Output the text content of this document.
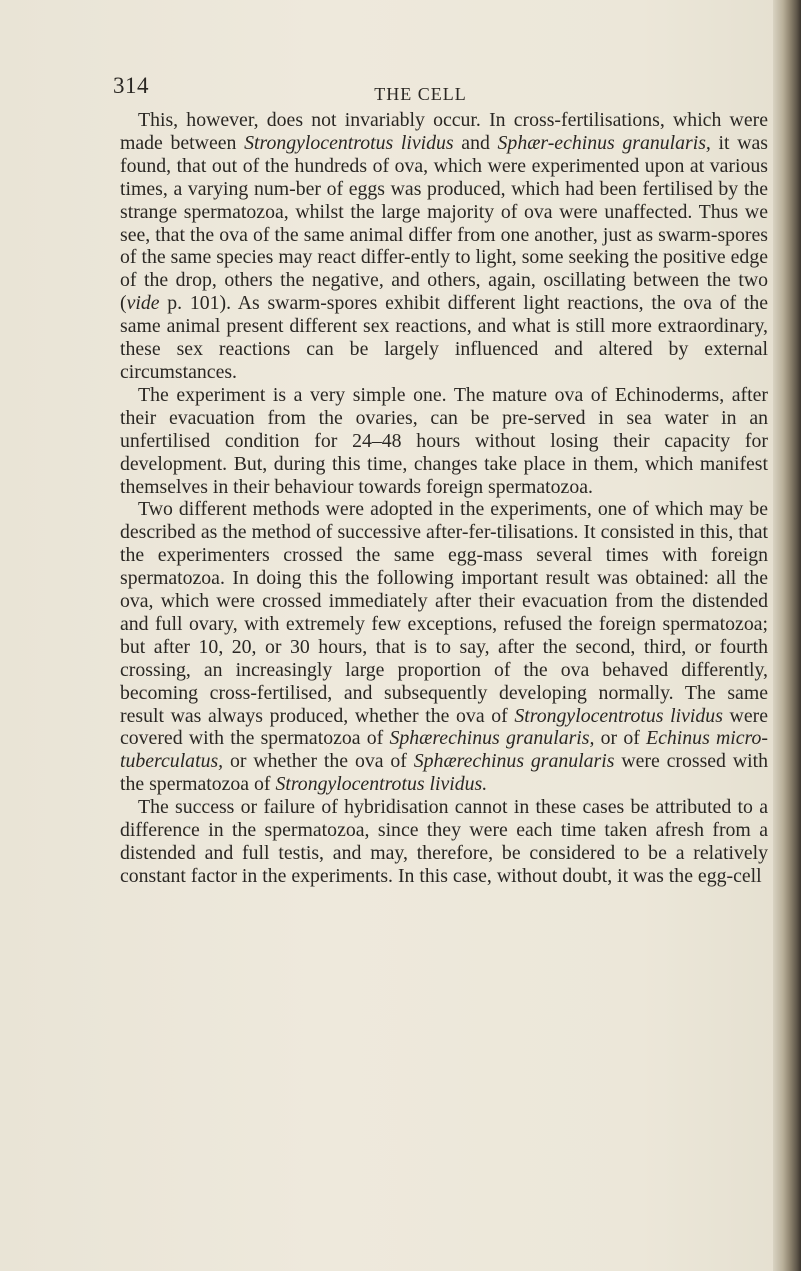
314	THE CELL

This, however, does not invariably occur. In cross-fertilisations, which were made between Strongylocentrotus lividus and Sphær-echinus granularis, it was found, that out of the hundreds of ova, which were experimented upon at various times, a varying num-ber of eggs was produced, which had been fertilised by the strange spermatozoa, whilst the large majority of ova were unaffected. Thus we see, that the ova of the same animal differ from one another, just as swarm-spores of the same species may react differ-ently to light, some seeking the positive edge of the drop, others the negative, and others, again, oscillating between the two (vide p. 101). As swarm-spores exhibit different light reactions, the ova of the same animal present different sex reactions, and what is still more extraordinary, these sex reactions can be largely influenced and altered by external circumstances.

The experiment is a very simple one. The mature ova of Echinoderms, after their evacuation from the ovaries, can be pre-served in sea water in an unfertilised condition for 24–48 hours without losing their capacity for development. But, during this time, changes take place in them, which manifest themselves in their behaviour towards foreign spermatozoa.

Two different methods were adopted in the experiments, one of which may be described as the method of successive after-fer-tilisations. It consisted in this, that the experimenters crossed the same egg-mass several times with foreign spermatozoa. In doing this the following important result was obtained: all the ova, which were crossed immediately after their evacuation from the distended and full ovary, with extremely few exceptions, refused the foreign spermatozoa; but after 10, 20, or 30 hours, that is to say, after the second, third, or fourth crossing, an increasingly large proportion of the ova behaved differently, becoming cross-fertilised, and subsequently developing normally. The same result was always produced, whether the ova of Strongylocentrotus lividus were covered with the spermatozoa of Sphærechinus granularis, or of Echinus micro-tuberculatus, or whether the ova of Sphærechinus granularis were crossed with the spermatozoa of Strongylocentrotus lividus.

The success or failure of hybridisation cannot in these cases be attributed to a difference in the spermatozoa, since they were each time taken afresh from a distended and full testis, and may, therefore, be considered to be a relatively constant factor in the experiments. In this case, without doubt, it was the egg-cell
